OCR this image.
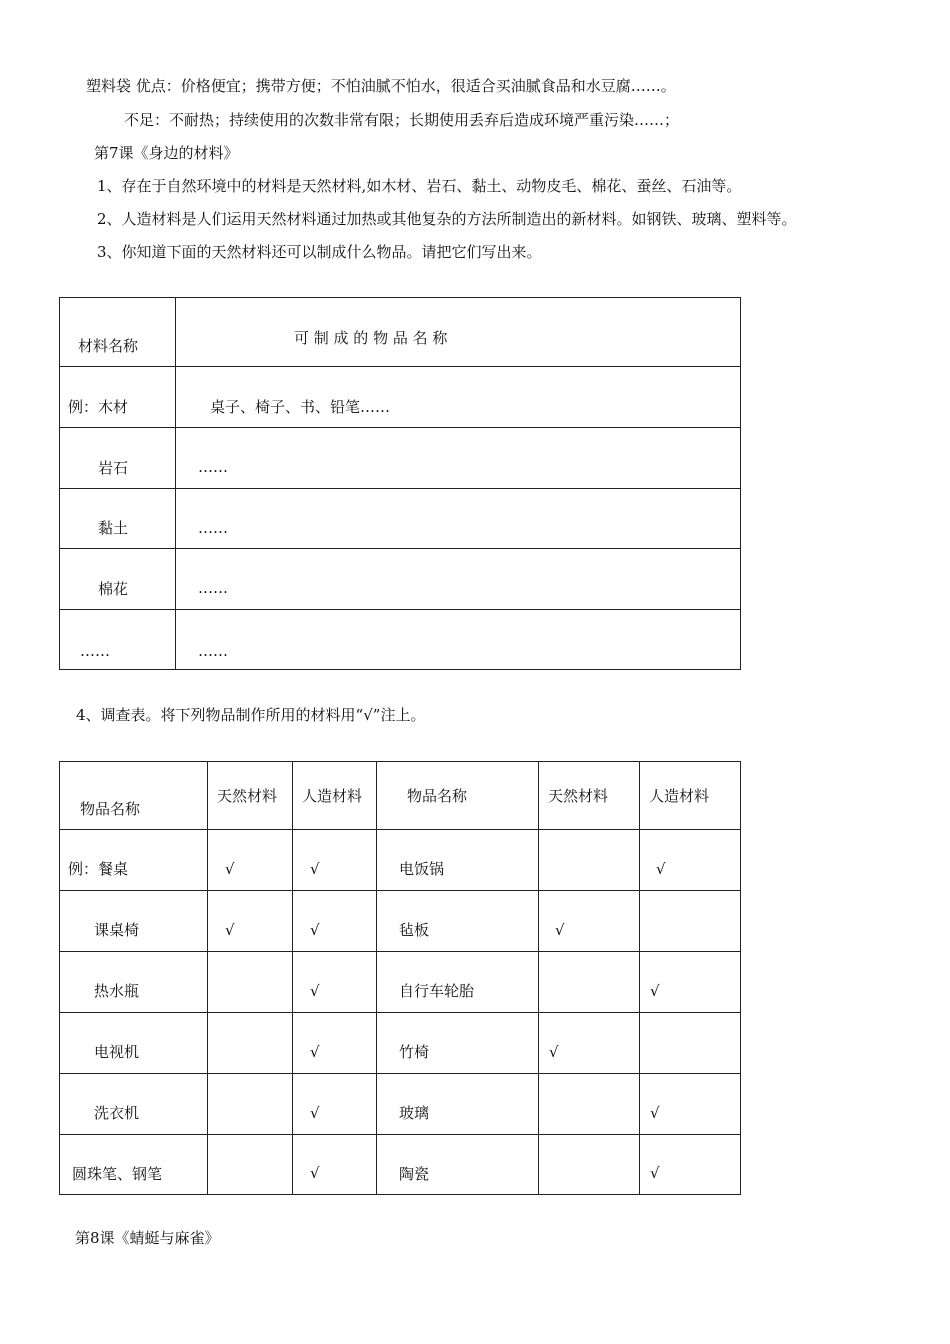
塑料袋 优点：价格便宜；携带方便；不怕油腻不怕水，很适合买油腻食品和水豆腐……。
不足：不耐热；持续使用的次数非常有限；长期使用丢弃后造成环境严重污染……；
第7课《身边的材料》
1、存在于自然环境中的材料是天然材料,如木材、岩石、黏土、动物皮毛、棉花、蚕丝、石油等。
2、人造材料是人们运用天然材料通过加热或其他复杂的方法所制造出的新材料。如钢铁、玻璃、塑料等。
3、你知道下面的天然材料还可以制成什么物品。请把它们写出来。
材料名称	可 制 成 的 物 品 名 称

例：木材	桌子、椅子、书、铅笔……

岩石	……

黏土	……

棉花	……

……	……
4、调查表。将下列物品制作所用的材料用“√”注上。
物品名称	天然材料	人造材料	物品名称	天然材料	人造材料

例：餐桌	√	√	电饭锅		√

课桌椅	√	√	毡板	√	

热水瓶		√	自行车轮胎		√

电视机		√	竹椅	√	

洗衣机		√	玻璃		√

圆珠笔、钢笔		√	陶瓷		√
第8课《蜻蜓与麻雀》
